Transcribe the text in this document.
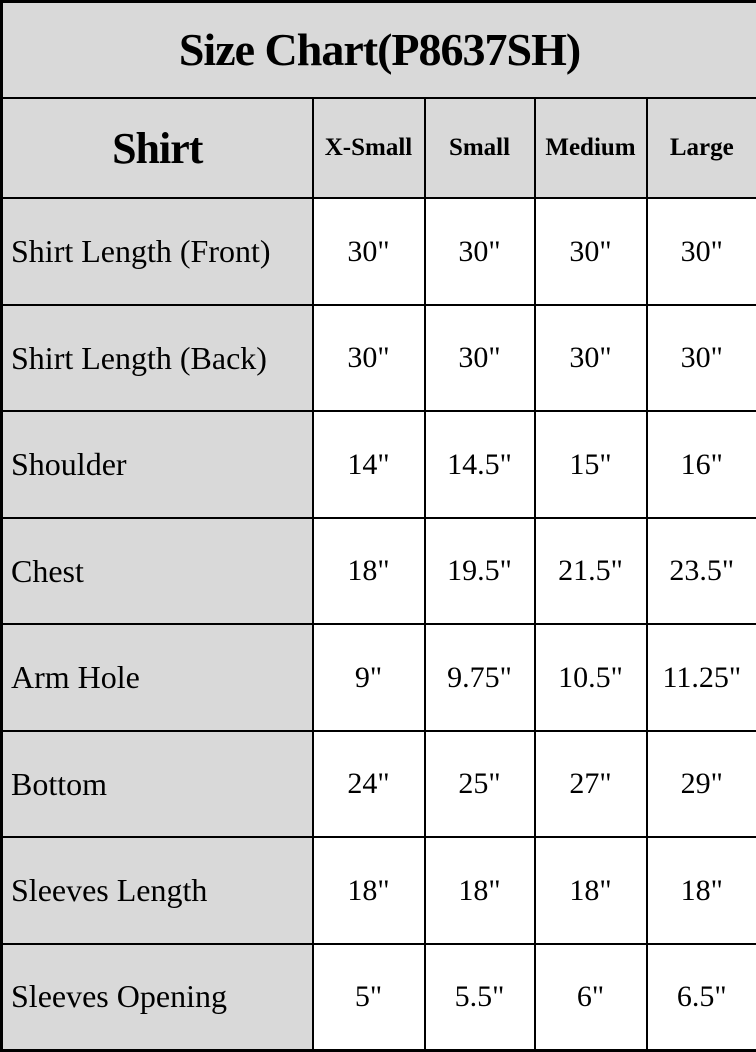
Size Chart(P8637SH)				
Shirt	X-Small	Small	Medium	Large
Shirt Length (Front)	30"	30"	30"	30"
Shirt Length (Back)	30"	30"	30"	30"
Shoulder	14"	14.5"	15"	16"
Chest	18"	19.5"	21.5"	23.5"
Arm Hole	9"	9.75"	10.5"	11.25"
Bottom	24"	25"	27"	29"
Sleeves Length	18"	18"	18"	18"
Sleeves Opening	5"	5.5"	6"	6.5"
